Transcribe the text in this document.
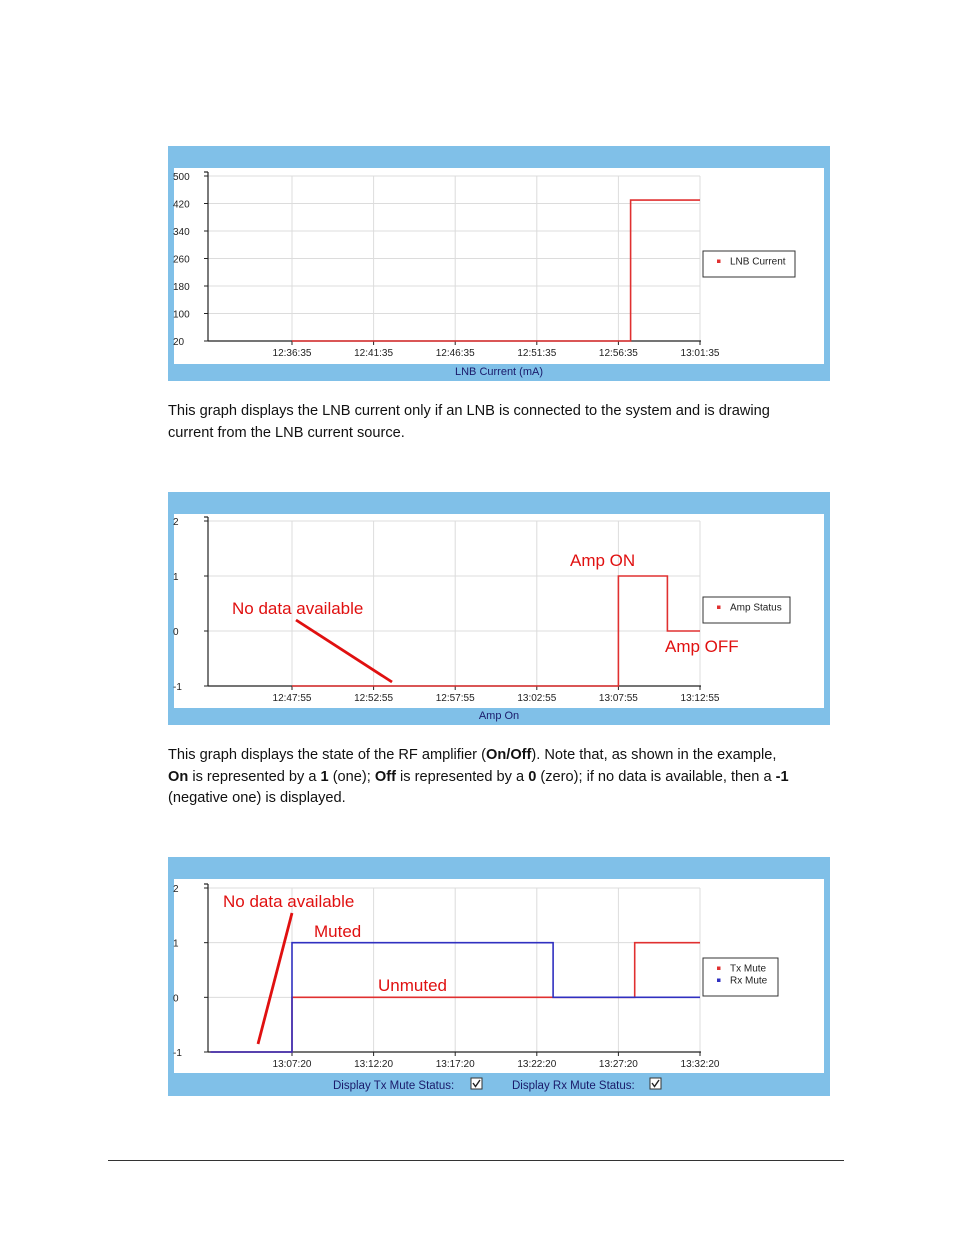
20
100
180
260
340
420
500
12:36:35	12:41:35	12:46:35	12:51:35	12:56:35	13:01:35
LNB Current
LNB Current (mA)
This graph displays the LNB current only if an LNB is connected to the system and is drawing
current from the LNB current source.
-1
0
1
2
12:47:55	12:52:55	12:57:55	13:02:55	13:07:55	13:12:55
Amp Status
Amp On
No data available
Amp ON
Amp OFF
This graph displays the state of the RF amplifier (On/Off). Note that, as shown in the example,
On is represented by a 1 (one); Off is represented by a 0 (zero); if no data is available, then a -1
(negative one) is displayed.
-1
0
1
2
13:07:20	13:12:20	13:17:20	13:22:20	13:27:20	13:32:20
Tx Mute
Rx Mute
No data available
Muted
Unmuted
Display Tx Mute Status:	Display Rx Mute Status:
